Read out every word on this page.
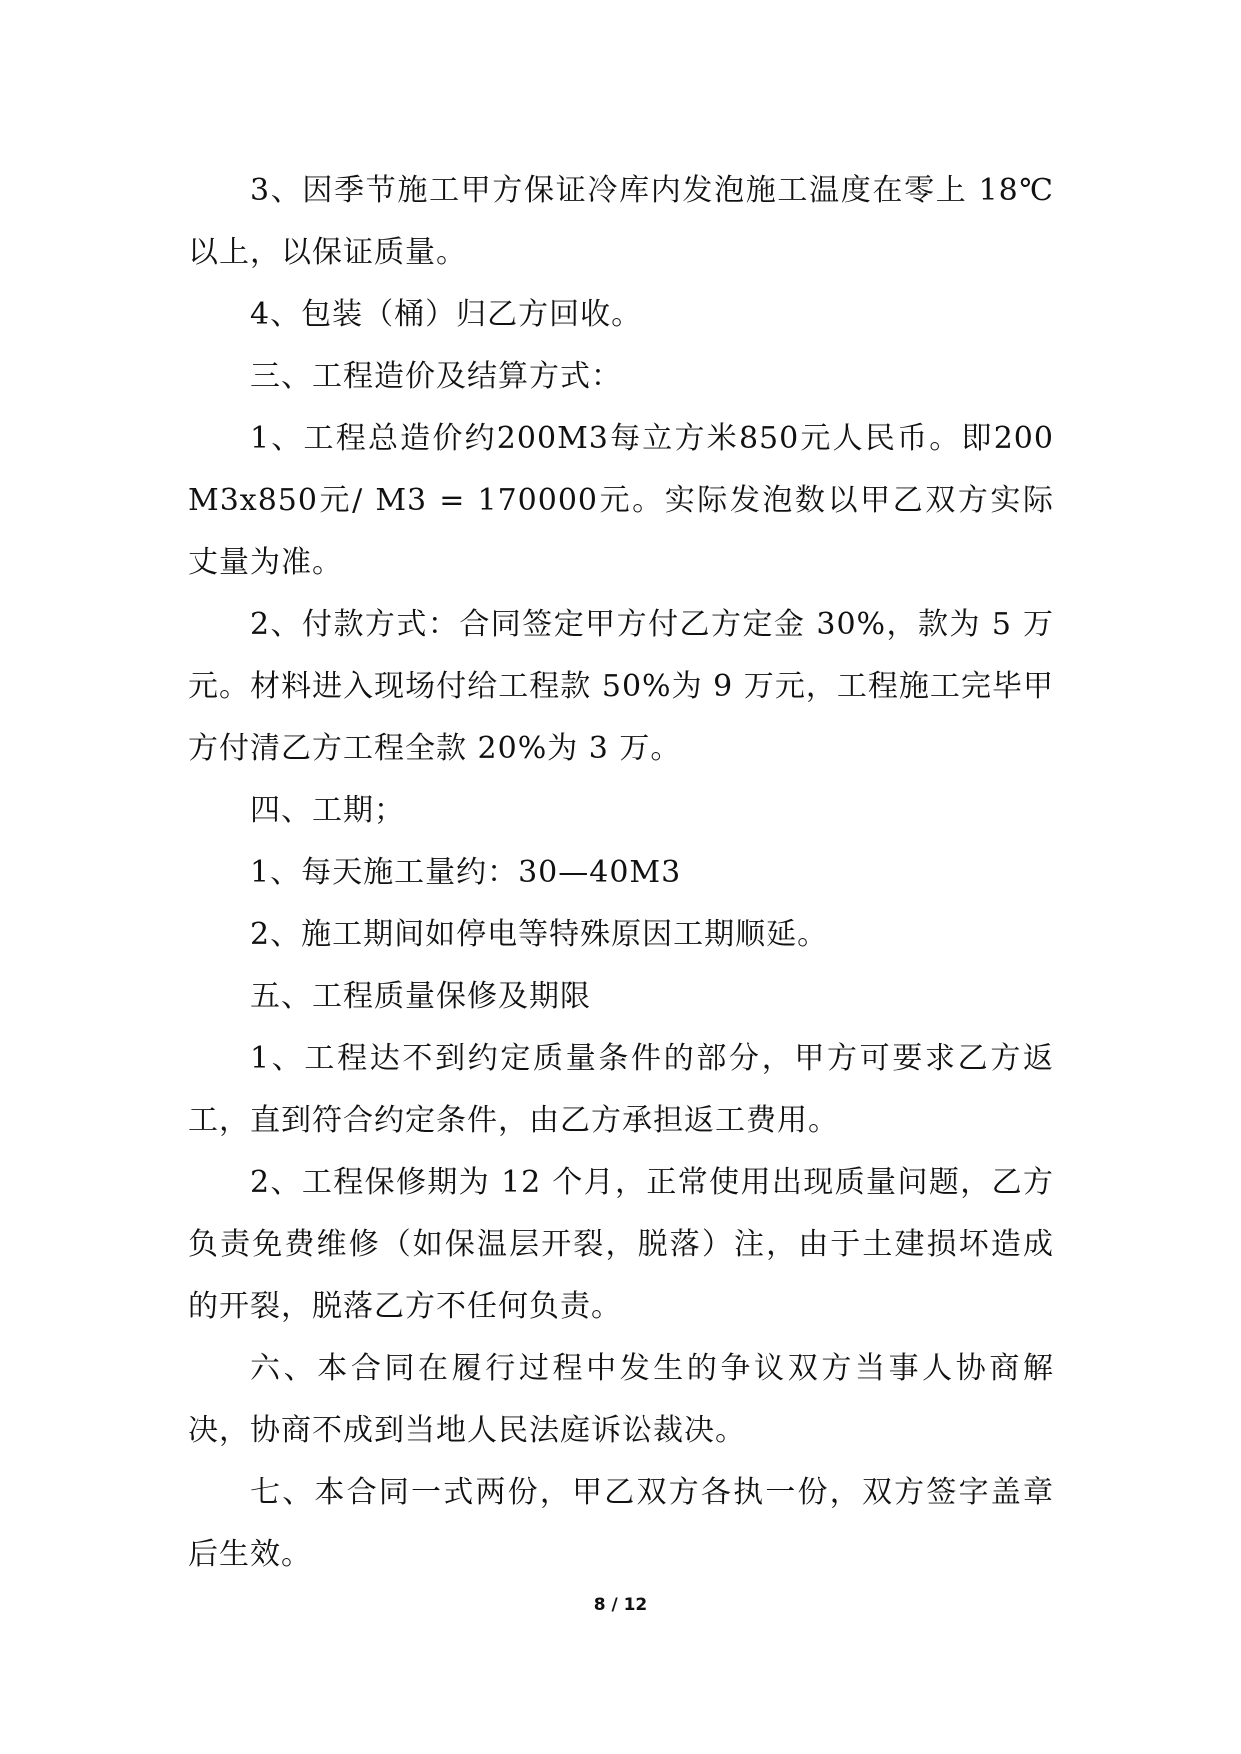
3、因季节施工甲方保证冷库内发泡施工温度在零上 18℃以上，以保证质量。

4、包装（桶）归乙方回收。

三、工程造价及结算方式：

1、工程总造价约200M3每立方米850元人民币。即200M3x850元/ M3 = 170000元。实际发泡数以甲乙双方实际丈量为准。

2、付款方式：合同签定甲方付乙方定金 30%，款为 5 万元。材料进入现场付给工程款 50%为 9 万元，工程施工完毕甲方付清乙方工程全款 20%为 3 万。

四、工期；

1、每天施工量约：30—40M3

2、施工期间如停电等特殊原因工期顺延。

五、工程质量保修及期限

1、工程达不到约定质量条件的部分，甲方可要求乙方返工，直到符合约定条件，由乙方承担返工费用。

2、工程保修期为 12 个月，正常使用出现质量问题，乙方负责免费维修（如保温层开裂，脱落）注，由于土建损坏造成的开裂，脱落乙方不任何负责。

六、本合同在履行过程中发生的争议双方当事人协商解决，协商不成到当地人民法庭诉讼裁决。

七、本合同一式两份，甲乙双方各执一份，双方签字盖章后生效。

8 / 12
